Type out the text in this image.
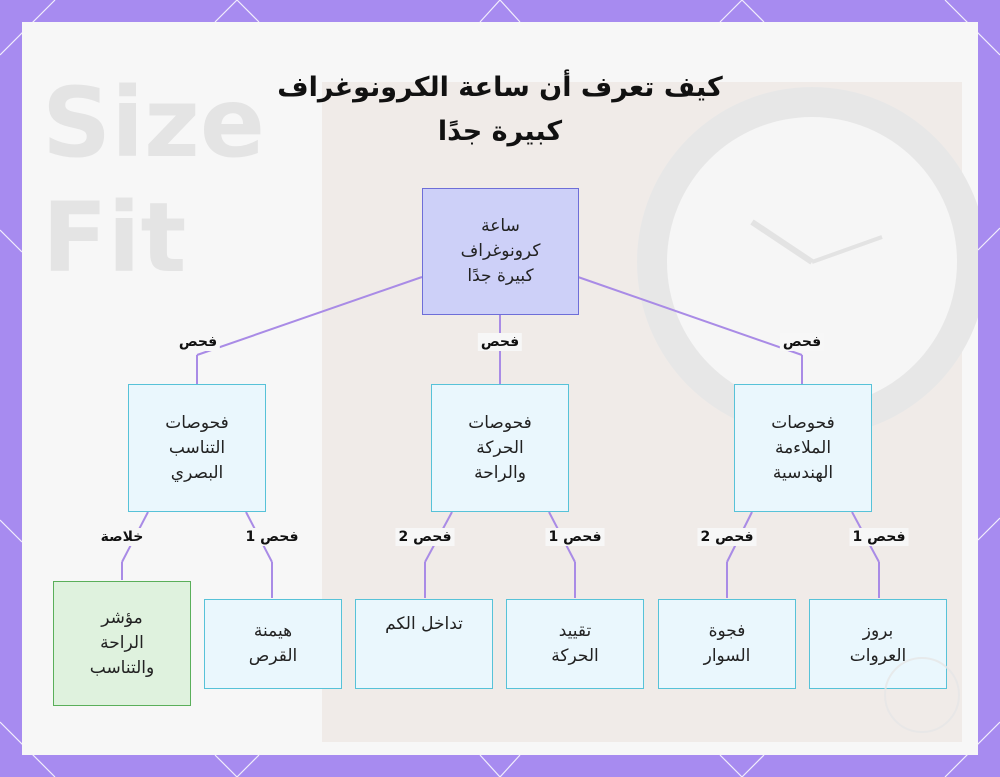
Size
Fit
كيف تعرف أن ساعة الكرونوغراف
كبيرة جدًا
ساعة
كرونوغراف
كبيرة جدًا
فحوصات
التناسب
البصري
فحوصات
الحركة
والراحة
فحوصات
الملاءمة
الهندسية
مؤشر
الراحة
والتناسب
هيمنة
القرص
تداخل الكم	تقييد
الحركة
فجوة
السوار
بروز
العروات
فحص	فحص	فحص
خلاصة	فحص 1	فحص 2	فحص 1	فحص 2	فحص 1
